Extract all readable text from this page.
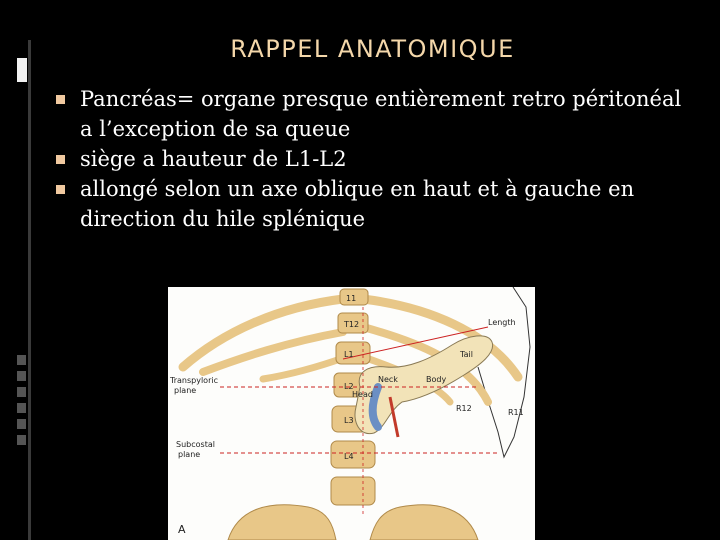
RAPPEL ANATOMIQUE
Pancréas= organe presque entièrement retro péritonéal a l’exception de sa queue
siège a hauteur de L1-L2
allongé selon un axe oblique en haut et à gauche en direction du hile splénique
11
T12
L1
L2
L3
L4
R12	R11
Length
Neck
Head
Body
Tail
Transpyloric
plane
Subcostal
plane
A
